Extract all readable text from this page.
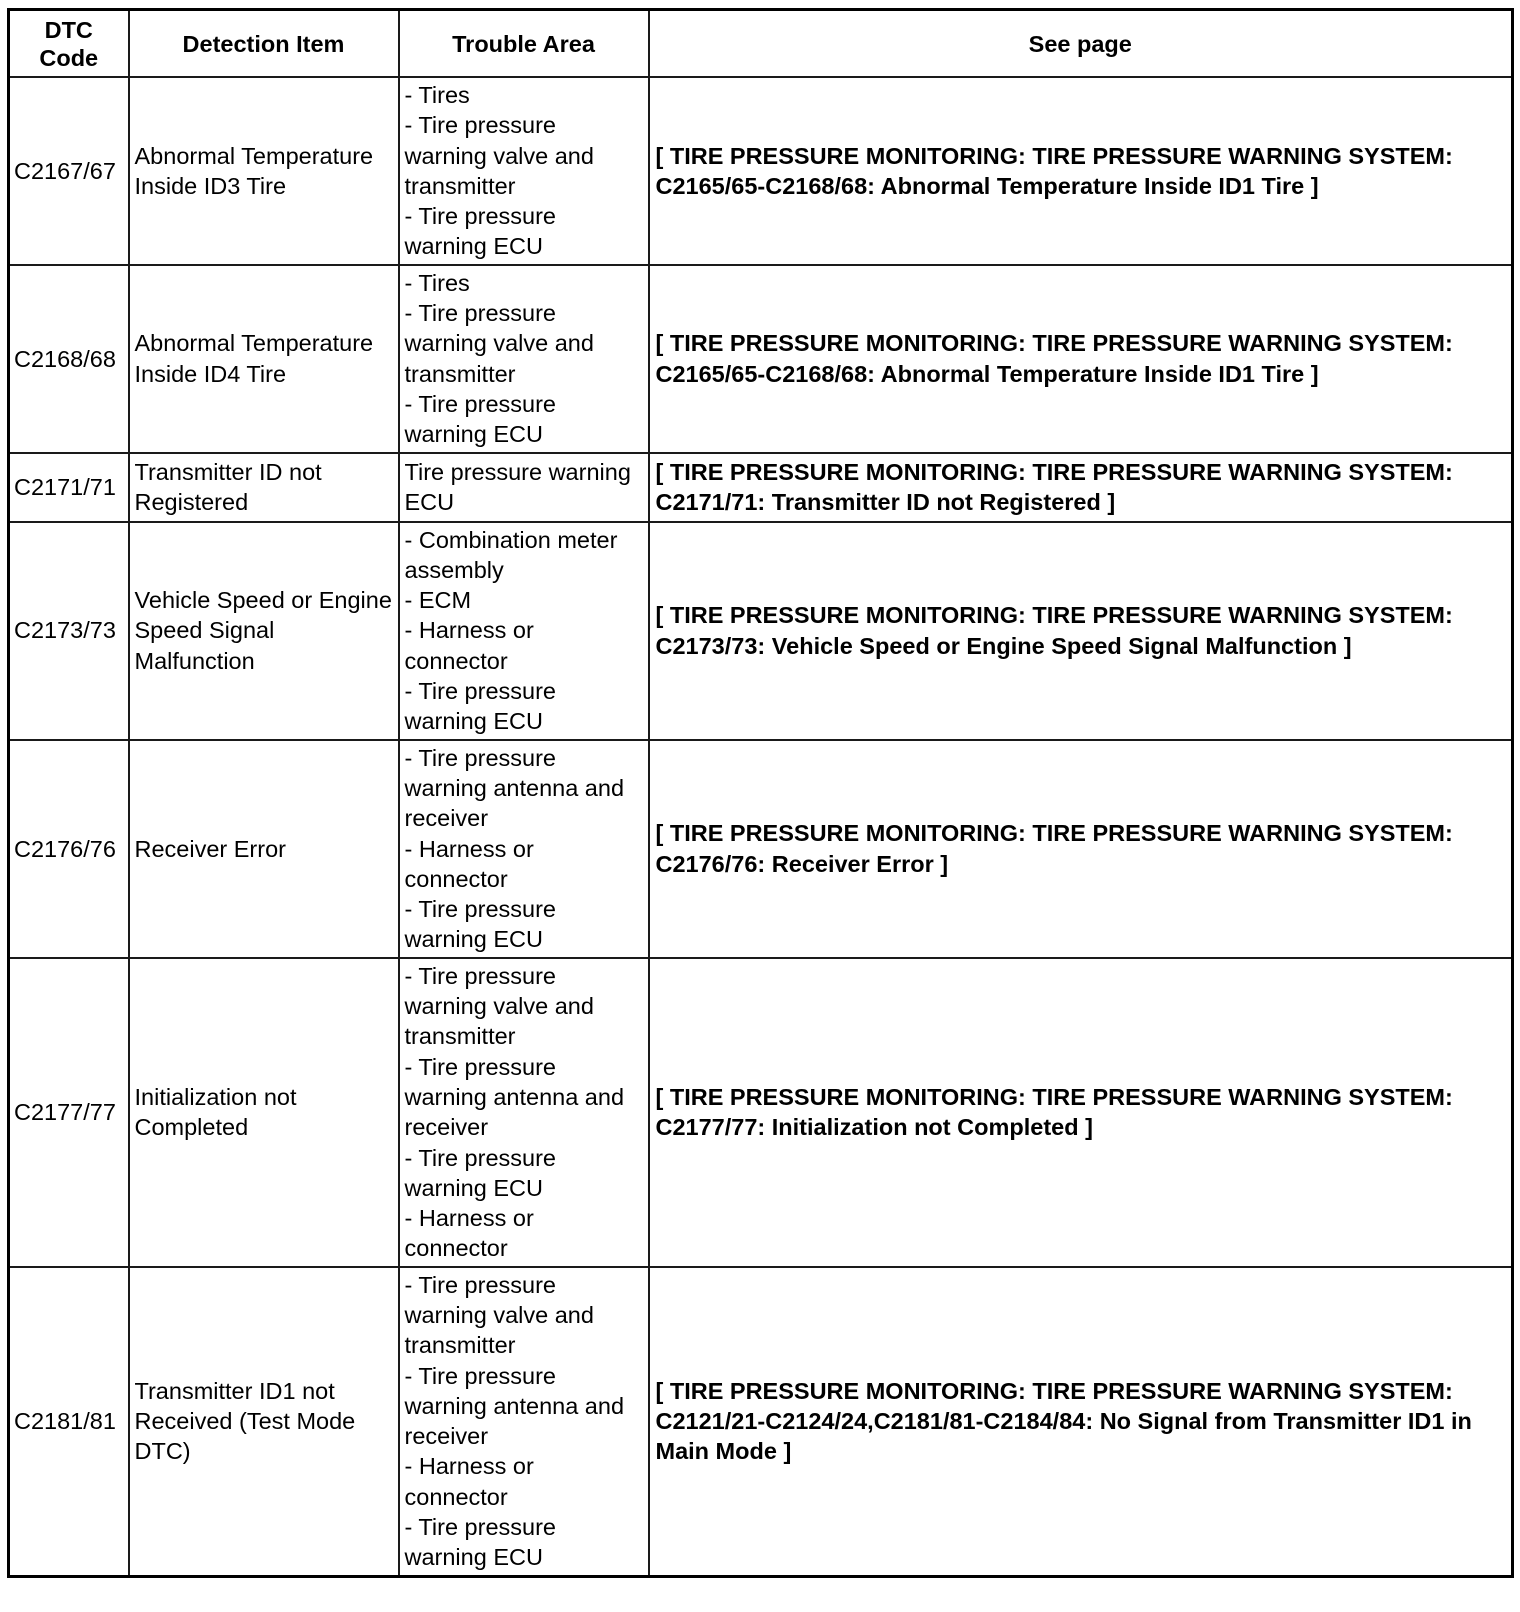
DTC Code	Detection Item	Trouble Area	See page
C2167/67	Abnormal Temperature Inside ID3 Tire	- Tires
- Tire pressure warning valve and transmitter
- Tire pressure warning ECU	[ TIRE PRESSURE MONITORING: TIRE PRESSURE WARNING SYSTEM: C2165/65-C2168/68: Abnormal Temperature Inside ID1 Tire ]

C2168/68	Abnormal Temperature Inside ID4 Tire	- Tires
- Tire pressure warning valve and transmitter
- Tire pressure warning ECU	[ TIRE PRESSURE MONITORING: TIRE PRESSURE WARNING SYSTEM: C2165/65-C2168/68: Abnormal Temperature Inside ID1 Tire ]

C2171/71	Transmitter ID not Registered	Tire pressure warning ECU	[ TIRE PRESSURE MONITORING: TIRE PRESSURE WARNING SYSTEM: C2171/71: Transmitter ID not Registered ]

C2173/73	Vehicle Speed or Engine Speed Signal Malfunction	- Combination meter assembly
- ECM
- Harness or connector
- Tire pressure warning ECU	[ TIRE PRESSURE MONITORING: TIRE PRESSURE WARNING SYSTEM: C2173/73: Vehicle Speed or Engine Speed Signal Malfunction ]

C2176/76	Receiver Error	- Tire pressure warning antenna and receiver
- Harness or connector
- Tire pressure warning ECU	[ TIRE PRESSURE MONITORING: TIRE PRESSURE WARNING SYSTEM: C2176/76: Receiver Error ]

C2177/77	Initialization not Completed	- Tire pressure warning valve and transmitter
- Tire pressure warning antenna and receiver
- Tire pressure warning ECU
- Harness or connector	[ TIRE PRESSURE MONITORING: TIRE PRESSURE WARNING SYSTEM: C2177/77: Initialization not Completed ]

C2181/81	Transmitter ID1 not Received (Test Mode DTC)	- Tire pressure warning valve and transmitter
- Tire pressure warning antenna and receiver
- Harness or connector
- Tire pressure warning ECU	[ TIRE PRESSURE MONITORING: TIRE PRESSURE WARNING SYSTEM: C2121/21-C2124/24,C2181/81-C2184/84: No Signal from Transmitter ID1 in Main Mode ]
